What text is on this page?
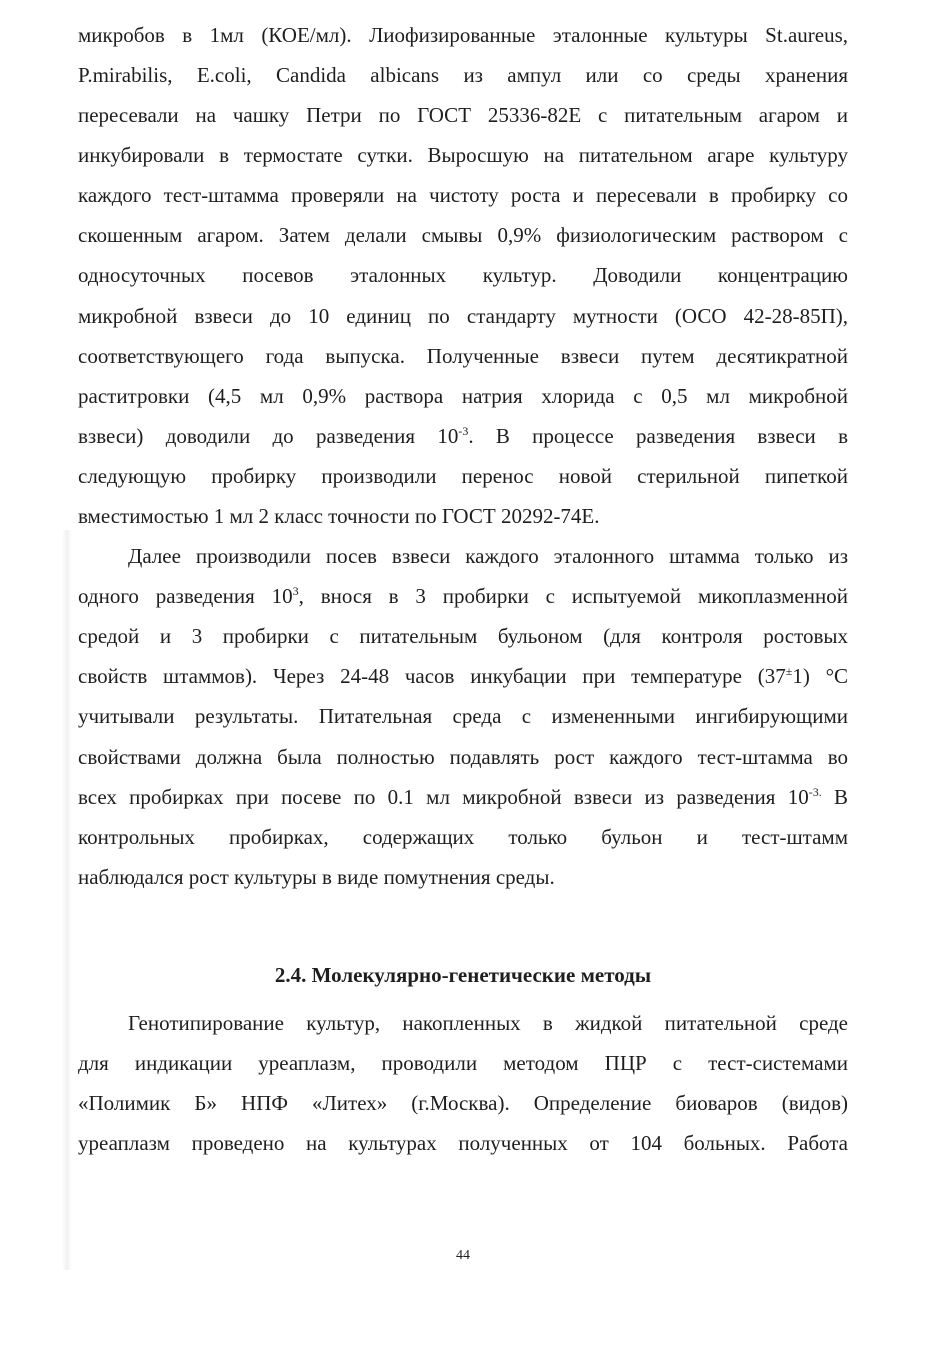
микробов в 1мл (КОЕ/мл). Лиофизированные эталонные культуры St.aureus,
P.mirabilis, E.coli, Candida albicans из ампул или со среды хранения
пересевали на чашку Петри по ГОСТ 25336-82Е с питательным агаром и
инкубировали в термостате сутки. Выросшую на питательном агаре культуру
каждого тест-штамма проверяли на чистоту роста и пересевали в пробирку со
скошенным агаром. Затем делали смывы 0,9% физиологическим раствором с
односуточных посевов эталонных культур. Доводили концентрацию
микробной взвеси до 10 единиц по стандарту мутности (ОСО 42-28-85П),
соответствующего года выпуска. Полученные взвеси путем десятикратной
раститровки (4,5 мл 0,9% раствора натрия хлорида с 0,5 мл микробной
взвеси) доводили до разведения $10^{-3}$. В процессе разведения взвеси в
следующую пробирку производили перенос новой стерильной пипеткой
вместимостью 1 мл 2 класс точности по ГОСТ 20292-74Е.
Далее производили посев взвеси каждого эталонного штамма только из
одного разведения $10^3$, внося в 3 пробирки с испытуемой микоплазменной
средой и 3 пробирки с питательным бульоном (для контроля ростовых
свойств штаммов). Через 24-48 часов инкубации при температуре (37±1) °С
учитывали результаты. Питательная среда с измененными ингибирующими
свойствами должна была полностью подавлять рост каждого тест-штамма во
всех пробирках при посеве по 0.1 мл микробной взвеси из разведения $10^{-3.}$ В
контрольных пробирках, содержащих только бульон и тест-штамм
наблюдался рост культуры в виде помутнения среды.
2.4. Молекулярно-генетические методы
Генотипирование культур, накопленных в жидкой питательной среде
для индикации уреаплазм, проводили методом ПЦР с тест-системами
«Полимик Б» НПФ «Литех» (г.Москва). Определение биоваров (видов)
уреаплазм проведено на культурах полученных от 104 больных. Работа
44
